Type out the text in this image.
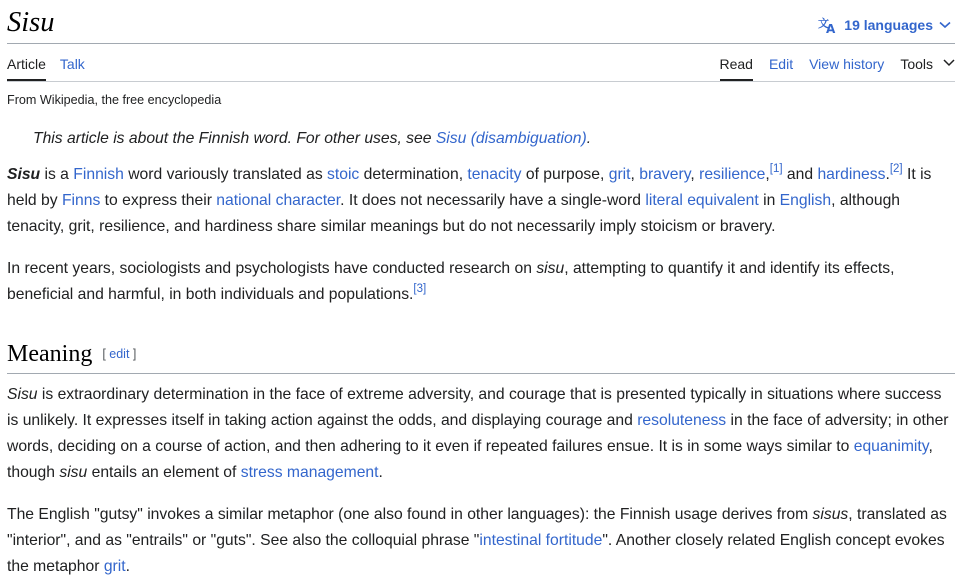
Sisu	文
A 19 languages
Article Talk	Read Edit View history Tools

From Wikipedia, the free encyclopedia

This article is about the Finnish word. For other uses, see Sisu (disambiguation).

Sisu is a Finnish word variously translated as stoic determination, tenacity of purpose, grit, bravery, resilience,[1] and hardiness.[2] It is held by Finns to express their national character. It does not necessarily have a single-word literal equivalent in English, although tenacity, grit, resilience, and hardiness share similar meanings but do not necessarily imply stoicism or bravery.

In recent years, sociologists and psychologists have conducted research on sisu, attempting to quantify it and identify its effects, beneficial and harmful, in both individuals and populations.[3]

Meaning [ edit ]

Sisu is extraordinary determination in the face of extreme adversity, and courage that is presented typically in situations where success is unlikely. It expresses itself in taking action against the odds, and displaying courage and resoluteness in the face of adversity; in other words, deciding on a course of action, and then adhering to it even if repeated failures ensue. It is in some ways similar to equanimity, though sisu entails an element of stress management.

The English "gutsy" invokes a similar metaphor (one also found in other languages): the Finnish usage derives from sisus, translated as "interior", and as "entrails" or "guts". See also the colloquial phrase "intestinal fortitude". Another closely related English concept evokes the metaphor grit.
